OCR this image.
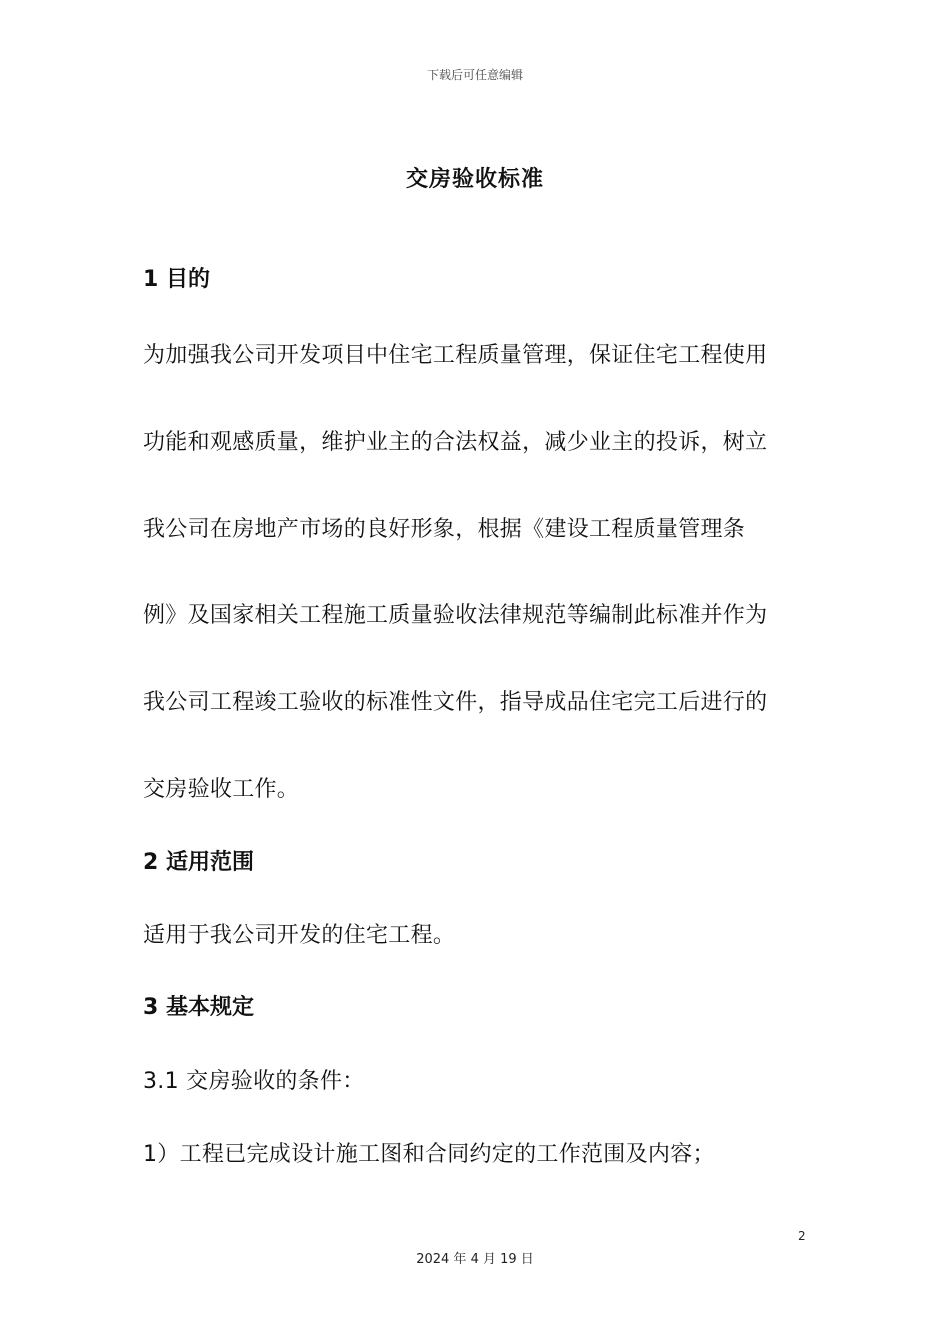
下载后可任意编辑
交房验收标准
1 目的
为加强我公司开发项目中住宅工程质量管理，保证住宅工程使用
功能和观感质量，维护业主的合法权益，减少业主的投诉，树立
我公司在房地产市场的良好形象，根据《建设工程质量管理条
例》及国家相关工程施工质量验收法律规范等编制此标准并作为
我公司工程竣工验收的标准性文件，指导成品住宅完工后进行的
交房验收工作。
2 适用范围
适用于我公司开发的住宅工程。
3 基本规定
3.1 交房验收的条件：
1）工程已完成设计施工图和合同约定的工作范围及内容；
2
2024 年 4 月 19 日
